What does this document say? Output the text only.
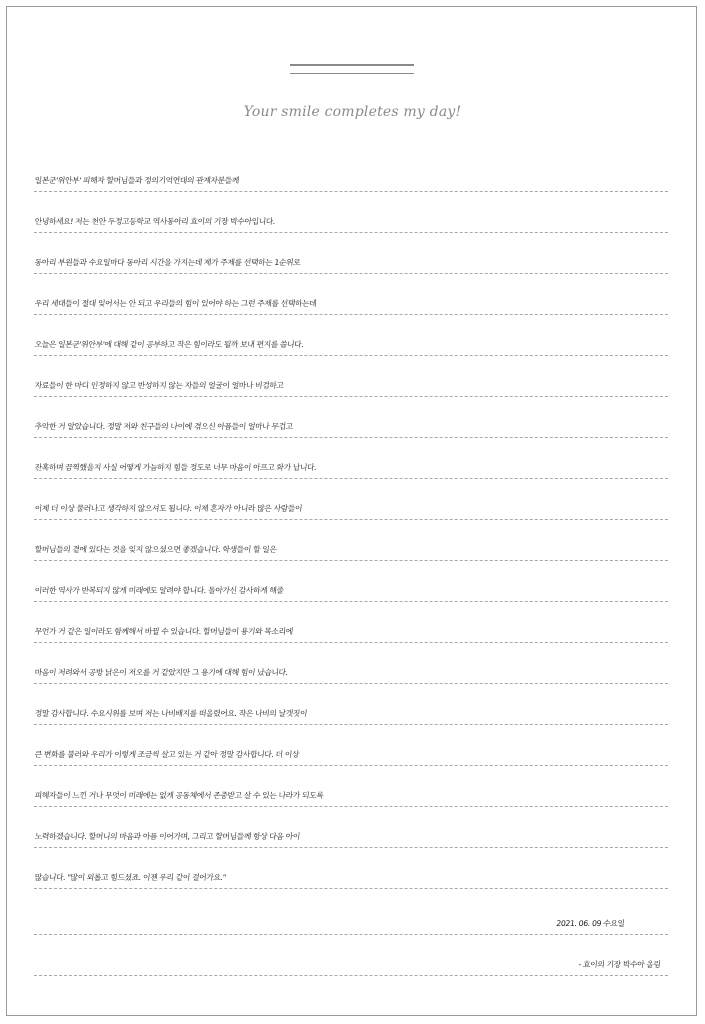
Your smile completes my day!
일본군'위안부' 피해자 할머님들과 정의기억연대의 관계자분들께
안녕하세요! 저는 천안 두정고등학교 역사동아리 효이의 기장 박수아입니다.
동아리 부원들과 수요일마다 동아리 시간을 가지는데 제가 주제를 선택하는 1순위로
우리 세대들이 절대 잊어서는 안 되고 우리들의 힘이 있어야 하는 그런 주제를 선택하는데
오늘은 일본군'위안부'에 대해 같이 공부하고 작은 힘이라도 될까 보내 편지를 씁니다.
자료들이 한 마디 인정하지 않고 반성하지 않는 자들의 얼굴이 얼마나 비겁하고
추악한 거 알았습니다. 정말 저와 친구들의 나이에 겪으신 아픔들이 얼마나 무겁고
잔혹하며 끔찍했을지 사실 어떻게 가늠하지 힘들 정도로 너무 마음이 아프고 화가 납니다.
이제 더 이상 물러나고 생각하지 않으셔도 됩니다. 이제 혼자가 아니라 많은 사람들이
할머님들의 곁에 있다는 것을 잊지 않으셨으면 좋겠습니다. 학생들이 할 일은
이러한 역사가 반복되지 않게 미래에도 알려야 합니다. 돌아가신 감사하게 해줄
무언가 거 같은 일이라도 함께해서 바뀔 수 있습니다. 할머님들이 용기와 목소리에
마음이 저려와서 공방 낡은이 저오를 거 같았지만 그 용기에 대해 힘이 났습니다.
정말 감사합니다. 수요시위를 보며 저는 나비배지를 떠올렸어요. 작은 나비의 날갯짓이
큰 변화를 불러와 우리가 이렇게 조금씩 살고 있는 거 같아 정말 감사합니다. 더 이상
피해자들이 느낀 거나 무엇이 미래에는 없게 공동체에서 존중받고 살 수 있는 나라가 되도록
노력하겠습니다. 할머니의 마음과 아픔 이어가며, 그리고 할머님들께 항상 다음 아이
많습니다. "많이 외롭고 힘드셨죠. 이젠 우리 같이 걸어가요."
2021. 06. 09 수요일
- 효이의 기장 박수아 올림
